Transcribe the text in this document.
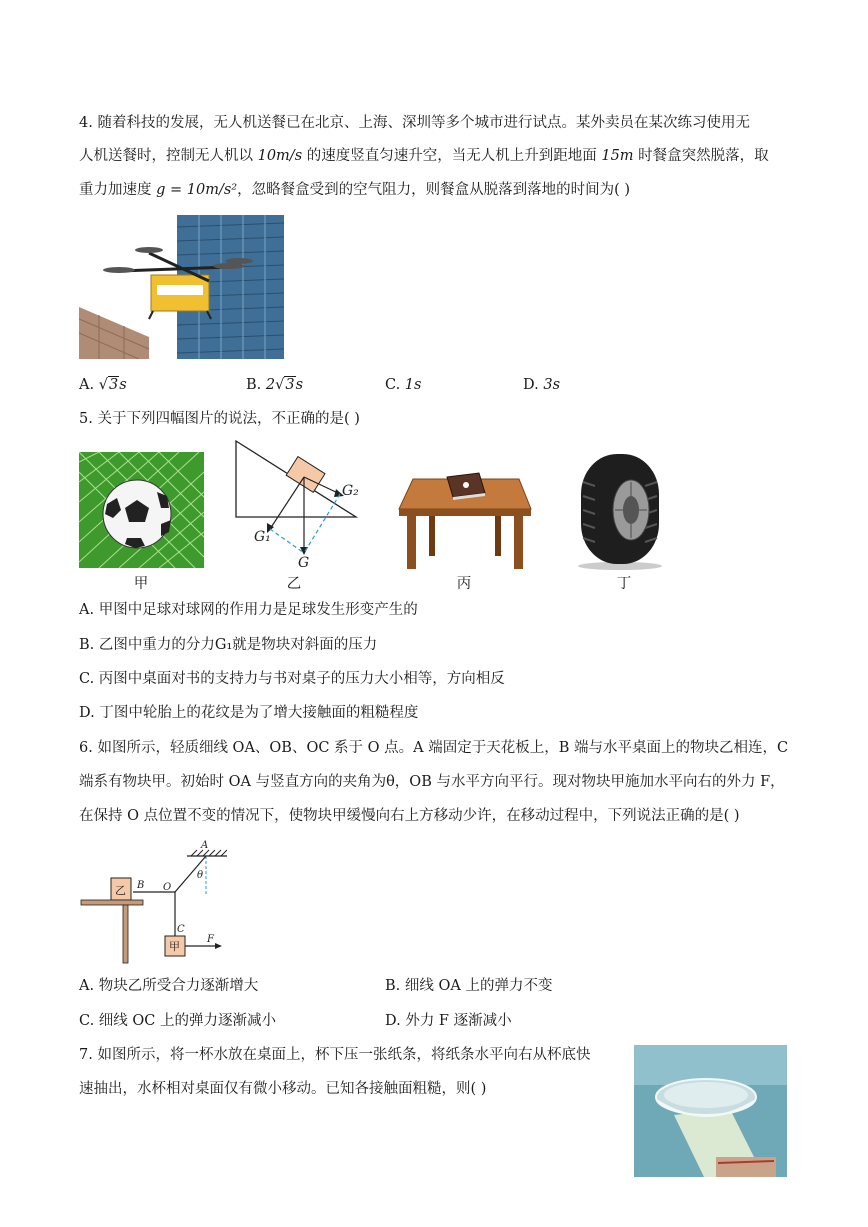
4. 随着科技的发展，无人机送餐已在北京、上海、深圳等多个城市进行试点。某外卖员在某次练习使用无
人机送餐时，控制无人机以 10m/s 的速度竖直匀速升空，当无人机上升到距地面 15m 时餐盒突然脱落，取
重力加速度 g = 10m/s²，忽略餐盒受到的空气阻力，则餐盒从脱落到落地的时间为( )
A. √3s	B. 2√3s	C. 1s	D. 3s
5. 关于下列四幅图片的说法，不正确的是( )
甲
G₂
G₁
G
乙	丙	丁
A. 甲图中足球对球网的作用力是足球发生形变产生的
B. 乙图中重力的分力G₁就是物块对斜面的压力
C. 丙图中桌面对书的支持力与书对桌子的压力大小相等，方向相反
D. 丁图中轮胎上的花纹是为了增大接触面的粗糙程度
6. 如图所示，轻质细线 OA、OB、OC 系于 O 点。A 端固定于天花板上，B 端与水平桌面上的物块乙相连，C
端系有物块甲。初始时 OA 与竖直方向的夹角为θ，OB 与水平方向平行。现对物块甲施加水平向右的外力 F，
在保持 O 点位置不变的情况下，使物块甲缓慢向右上方移动少许，在移动过程中，下列说法正确的是( )
A
θ
O
B
乙
C
甲
F
A. 物块乙所受合力逐渐增大	B. 细线 OA 上的弹力不变
C. 细线 OC 上的弹力逐渐减小	D. 外力 F 逐渐减小
7. 如图所示，将一杯水放在桌面上，杯下压一张纸条，将纸条水平向右从杯底快
速抽出，水杯相对桌面仅有微小移动。已知各接触面粗糙，则( )
